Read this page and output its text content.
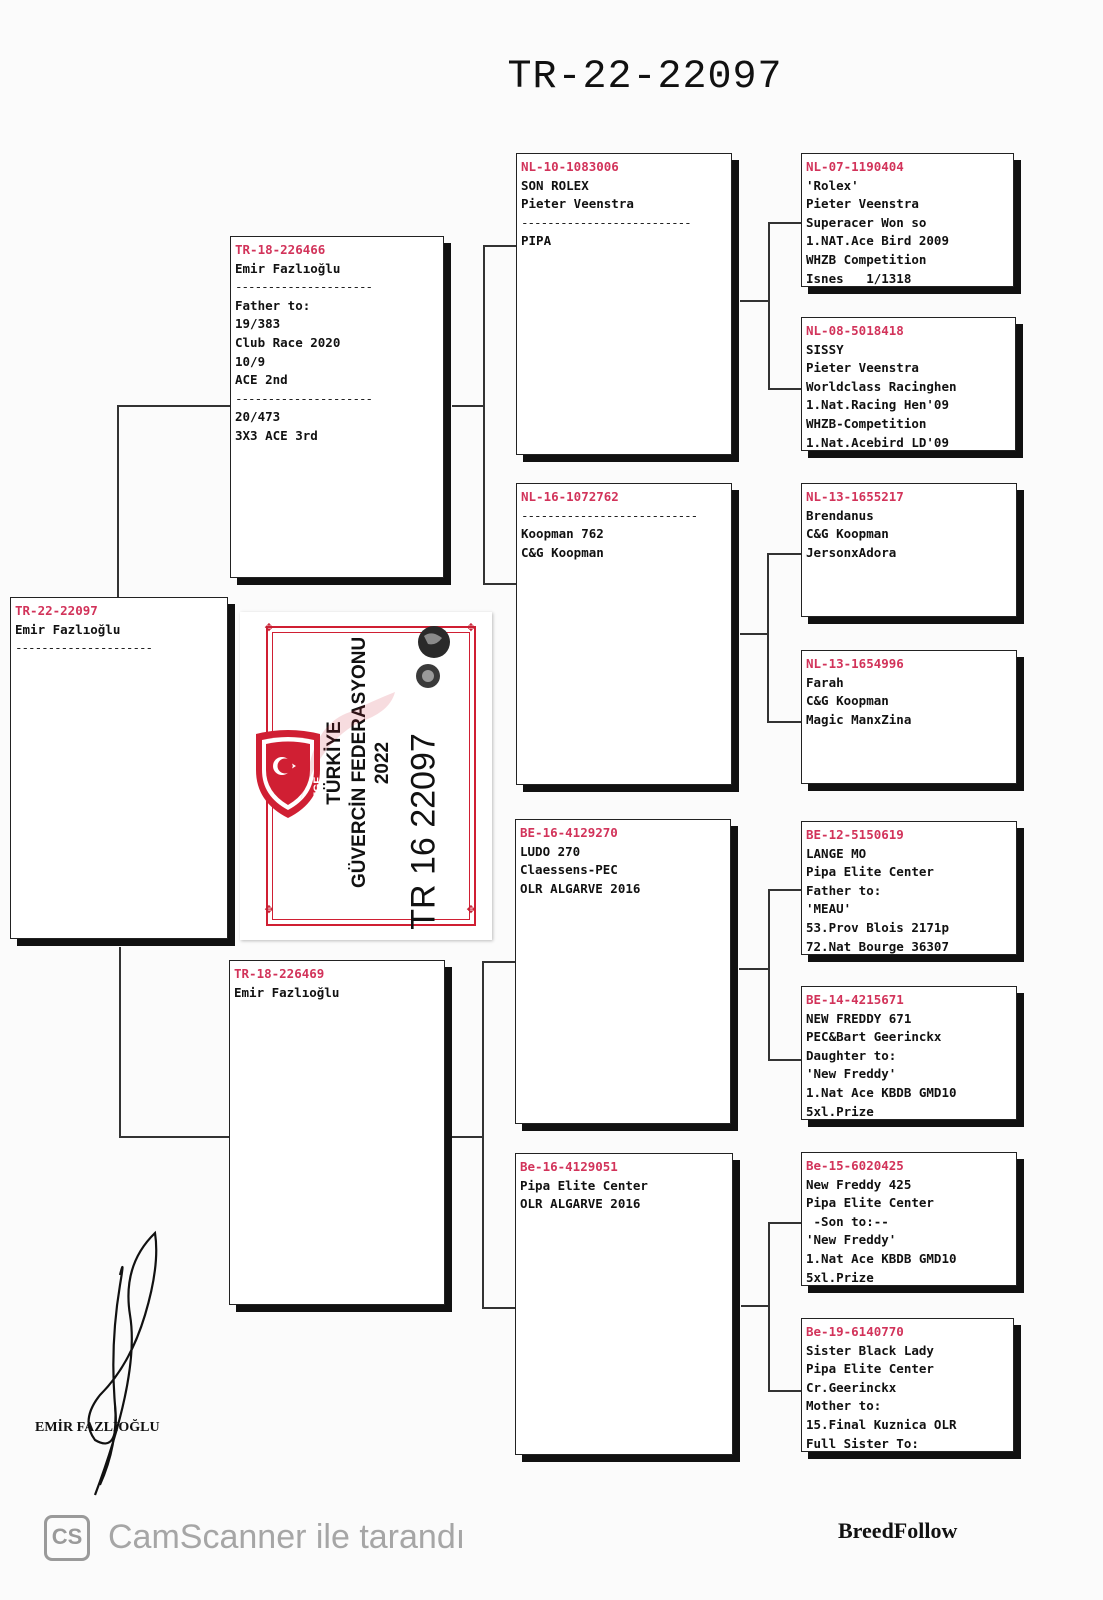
TR-22-22097
TR-22-22097
Emir Fazlıoğlu
---------------------
TR-18-226466
Emir Fazlıoğlu
---------------------
Father to:
19/383
Club Race 2020
10/9
ACE 2nd
---------------------
20/473
3X3 ACE 3rd
TR-18-226469
Emir Fazlıoğlu
NL-10-1083006
SON ROLEX
Pieter Veenstra
--------------------------
PIPA
NL-16-1072762
---------------------------
Koopman 762
C&G Koopman
BE-16-4129270
LUDO 270
Claessens-PEC
OLR ALGARVE 2016
Be-16-4129051
Pipa Elite Center
OLR ALGARVE 2016
NL-07-1190404
'Rolex'
Pieter Veenstra
Superacer Won so
1.NAT.Ace Bird 2009
WHZB Competition
Isnes   1/1318
NL-08-5018418
SISSY
Pieter Veenstra
Worldclass Racinghen
1.Nat.Racing Hen'09
WHZB-Competition
1.Nat.Acebird LD'09
NL-13-1655217
Brendanus
C&G Koopman
JersonxAdora
NL-13-1654996
Farah
C&G Koopman
Magic ManxZina
BE-12-5150619
LANGE MO
Pipa Elite Center
Father to:
'MEAU'
53.Prov Blois 2171p
72.Nat Bourge 36307
BE-14-4215671
NEW FREDDY 671
PEC&Bart Geerinckx
Daughter to:
'New Freddy'
1.Nat Ace KBDB GMD10
5xl.Prize
Be-15-6020425
New Freddy 425
Pipa Elite Center
-Son to:--
'New Freddy'
1.Nat Ace KBDB GMD10
5xl.Prize
Be-19-6140770
Sister Black Lady
Pipa Elite Center
Cr.Geerinckx
Mother to:
15.Final Kuznica OLR
Full Sister To:
✥	✥
✥	✥
TGF TÜRKİYE GÜVERCİN FEDERASYONU 2022 TR 16 22097
EMİR FAZLIOĞLU
CS CamScanner ile tarandı	BreedFollow
